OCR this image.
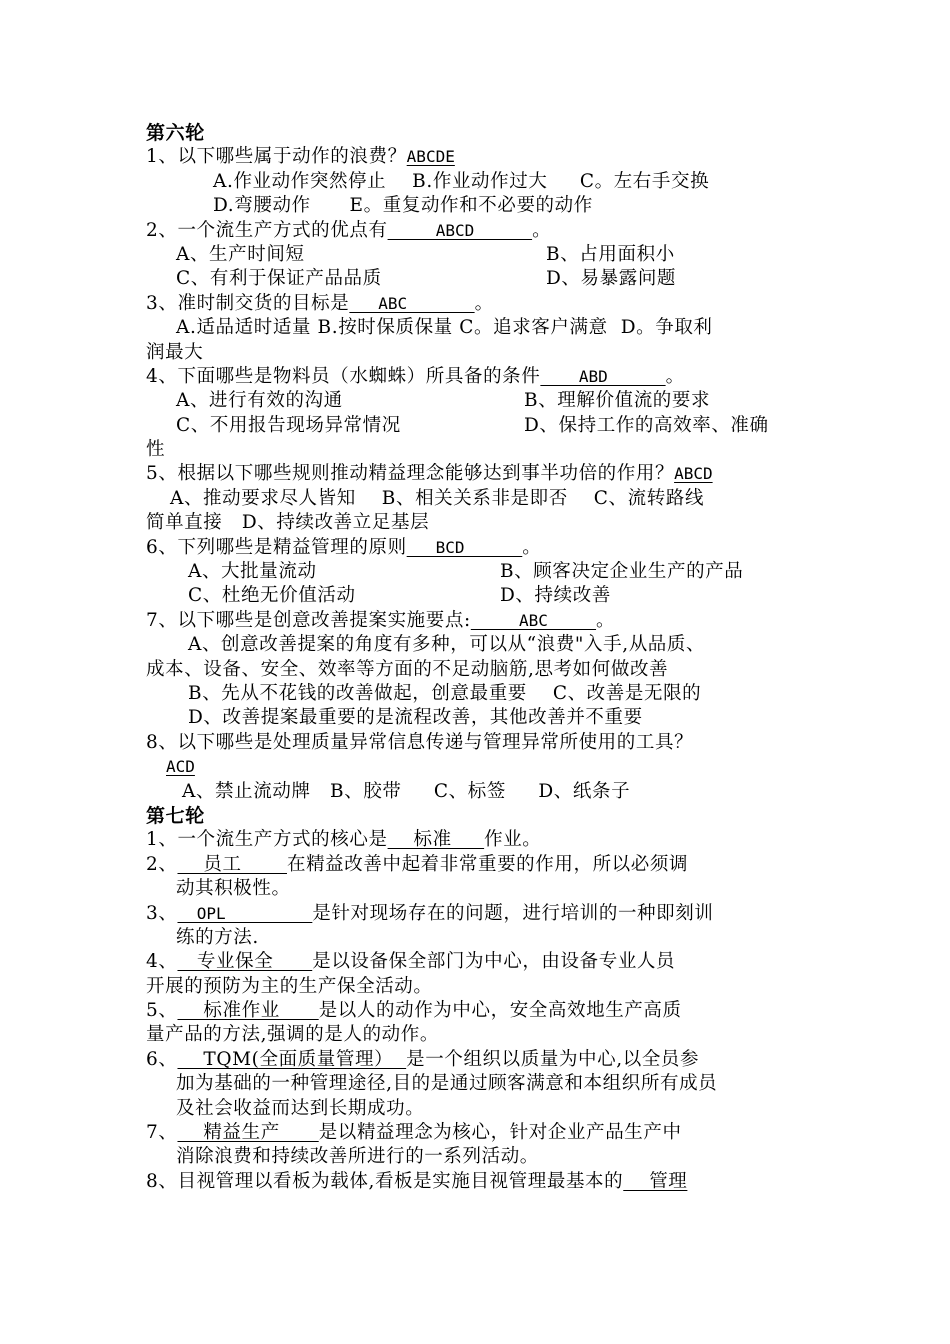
第六轮
1、以下哪些属于动作的浪费？ABCDE
A.作业动作突然停止    B.作业动作过大     C。左右手交换
D.弯腰动作      E。重复动作和不必要的动作
2、一个流生产方式的优点有     ABCD      。
A、生产时间短	B、占用面积小
C、有利于保证产品品质	D、易暴露问题
3、准时制交货的目标是   ABC       。
A.适品适时适量 B.按时保质保量 C。追求客户满意  D。争取利
润最大
4、下面哪些是物料员（水蜘蛛）所具备的条件    ABD      。
A、进行有效的沟通	B、理解价值流的要求
C、不用报告现场异常情况	D、保持工作的高效率、准确
性
5、根据以下哪些规则推动精益理念能够达到事半功倍的作用？ABCD
A、推动要求尽人皆知    B、相关关系非是即否    C、流转路线
简单直接   D、持续改善立足基层
6、下列哪些是精益管理的原则   BCD      。
A、大批量流动	B、顾客决定企业生产的产品
C、杜绝无价值活动	D、持续改善
7、以下哪些是创意改善提案实施要点:     ABC     。
A、创意改善提案的角度有多种，可以从“浪费"入手,从品质、
成本、设备、安全、效率等方面的不足动脑筋,思考如何做改善
B、先从不花钱的改善做起，创意最重要    C、改善是无限的
D、改善提案最重要的是流程改善，其他改善并不重要
8、以下哪些是处理质量异常信息传递与管理异常所使用的工具？
ACD
A、禁止流动牌   B、胶带     C、标签     D、纸条子
第七轮
1、一个流生产方式的核心是    标准     作业。
2、    员工       在精益改善中起着非常重要的作用，所以必须调
动其积极性。
3、  OPL         是针对现场存在的问题，进行培训的一种即刻训
练的方法.
4、   专业保全      是以设备保全部门为中心，由设备专业人员
开展的预防为主的生产保全活动。
5、    标准作业      是以人的动作为中心，安全高效地生产高质
量产品的方法,强调的是人的动作。
6、    TQM(全面质量管理）  是一个组织以质量为中心,以全员参
加为基础的一种管理途径,目的是通过顾客满意和本组织所有成员
及社会收益而达到长期成功。
7、    精益生产      是以精益理念为核心，针对企业产品生产中
消除浪费和持续改善所进行的一系列活动。
8、目视管理以看板为载体,看板是实施目视管理最基本的    管理
